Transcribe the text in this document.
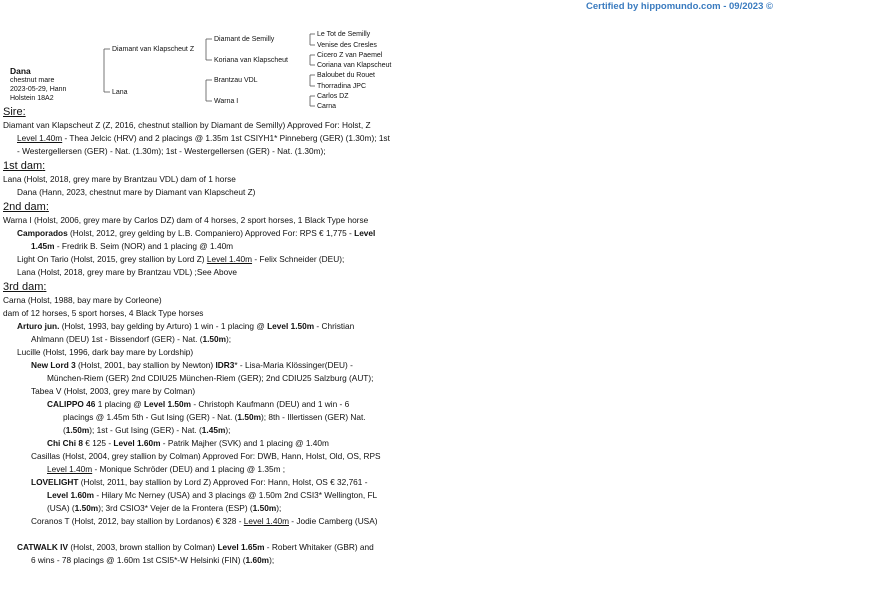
Certified by hippomundo.com - 09/2023 ©
Diamant van Klapscheut Z
Lana
Diamant de Semilly
Koriana van Klapscheut
Brantzau VDL
Warna I
Le Tot de Semilly
Venise des Cresles
Cicero Z van Paemel
Coriana van Klapscheut
Baloubet du Rouet
Thorradina JPC
Carlos DZ
Carna
Dana
chestnut mare
2023-05-29, Hann
Holstein 18A2
Sire:
Diamant van Klapscheut Z (Z, 2016, chestnut stallion by Diamant de Semilly) Approved For: Holst, Z
Level 1.40m - Thea Jelcic (HRV) and 2 placings @ 1.35m 1st CSIYH1* Pinneberg (GER) (1.30m); 1st
- Westergellersen (GER) - Nat. (1.30m); 1st - Westergellersen (GER) - Nat. (1.30m);
1st dam:
Lana (Holst, 2018, grey mare by Brantzau VDL) dam of 1 horse
Dana (Hann, 2023, chestnut mare by Diamant van Klapscheut Z)
2nd dam:
Warna I (Holst, 2006, grey mare by Carlos DZ) dam of 4 horses, 2 sport horses, 1 Black Type horse
Camporados (Holst, 2012, grey gelding by L.B. Companiero) Approved For: RPS € 1,775 - Level
1.45m - Fredrik B. Seim (NOR) and 1 placing @ 1.40m
Light On Tario (Holst, 2015, grey stallion by Lord Z) Level 1.40m - Felix Schneider (DEU);
Lana (Holst, 2018, grey mare by Brantzau VDL) ;See Above
3rd dam:
Carna (Holst, 1988, bay mare by Corleone)
dam of 12 horses, 5 sport horses, 4 Black Type horses
Arturo jun. (Holst, 1993, bay gelding by Arturo) 1 win - 1 placing @ Level 1.50m - Christian
Ahlmann (DEU) 1st - Bissendorf (GER) - Nat. (1.50m);
Lucille (Holst, 1996, dark bay mare by Lordship)
New Lord 3 (Holst, 2001, bay stallion by Newton) IDR3* - Lisa-Maria Klössinger(DEU) -
München-Riem (GER) 2nd CDIU25 München-Riem (GER); 2nd CDIU25 Salzburg (AUT);
Tabea V (Holst, 2003, grey mare by Colman)
CALIPPO 46 1 placing @ Level 1.50m - Christoph Kaufmann (DEU) and 1 win - 6
placings @ 1.45m 5th - Gut Ising (GER) - Nat. (1.50m); 8th - Illertissen (GER) Nat.
(1.50m); 1st - Gut Ising (GER) - Nat. (1.45m);
Chi Chi 8 € 125 - Level 1.60m - Patrik Majher (SVK) and 1 placing @ 1.40m
Casillas (Holst, 2004, grey stallion by Colman) Approved For: DWB, Hann, Holst, Old, OS, RPS
Level 1.40m - Monique Schröder (DEU) and 1 placing @ 1.35m ;
LOVELIGHT (Holst, 2011, bay stallion by Lord Z) Approved For: Hann, Holst, OS € 32,761 -
Level 1.60m - Hilary Mc Nerney (USA) and 3 placings @ 1.50m 2nd CSI3* Wellington, FL
(USA) (1.50m); 3rd CSIO3* Vejer de la Frontera (ESP) (1.50m);
Coranos T (Holst, 2012, bay stallion by Lordanos) € 328 - Level 1.40m - Jodie Camberg (USA)
CATWALK IV (Holst, 2003, brown stallion by Colman) Level 1.65m - Robert Whitaker (GBR) and
6 wins - 78 placings @ 1.60m 1st CSI5*-W Helsinki (FIN) (1.60m);
